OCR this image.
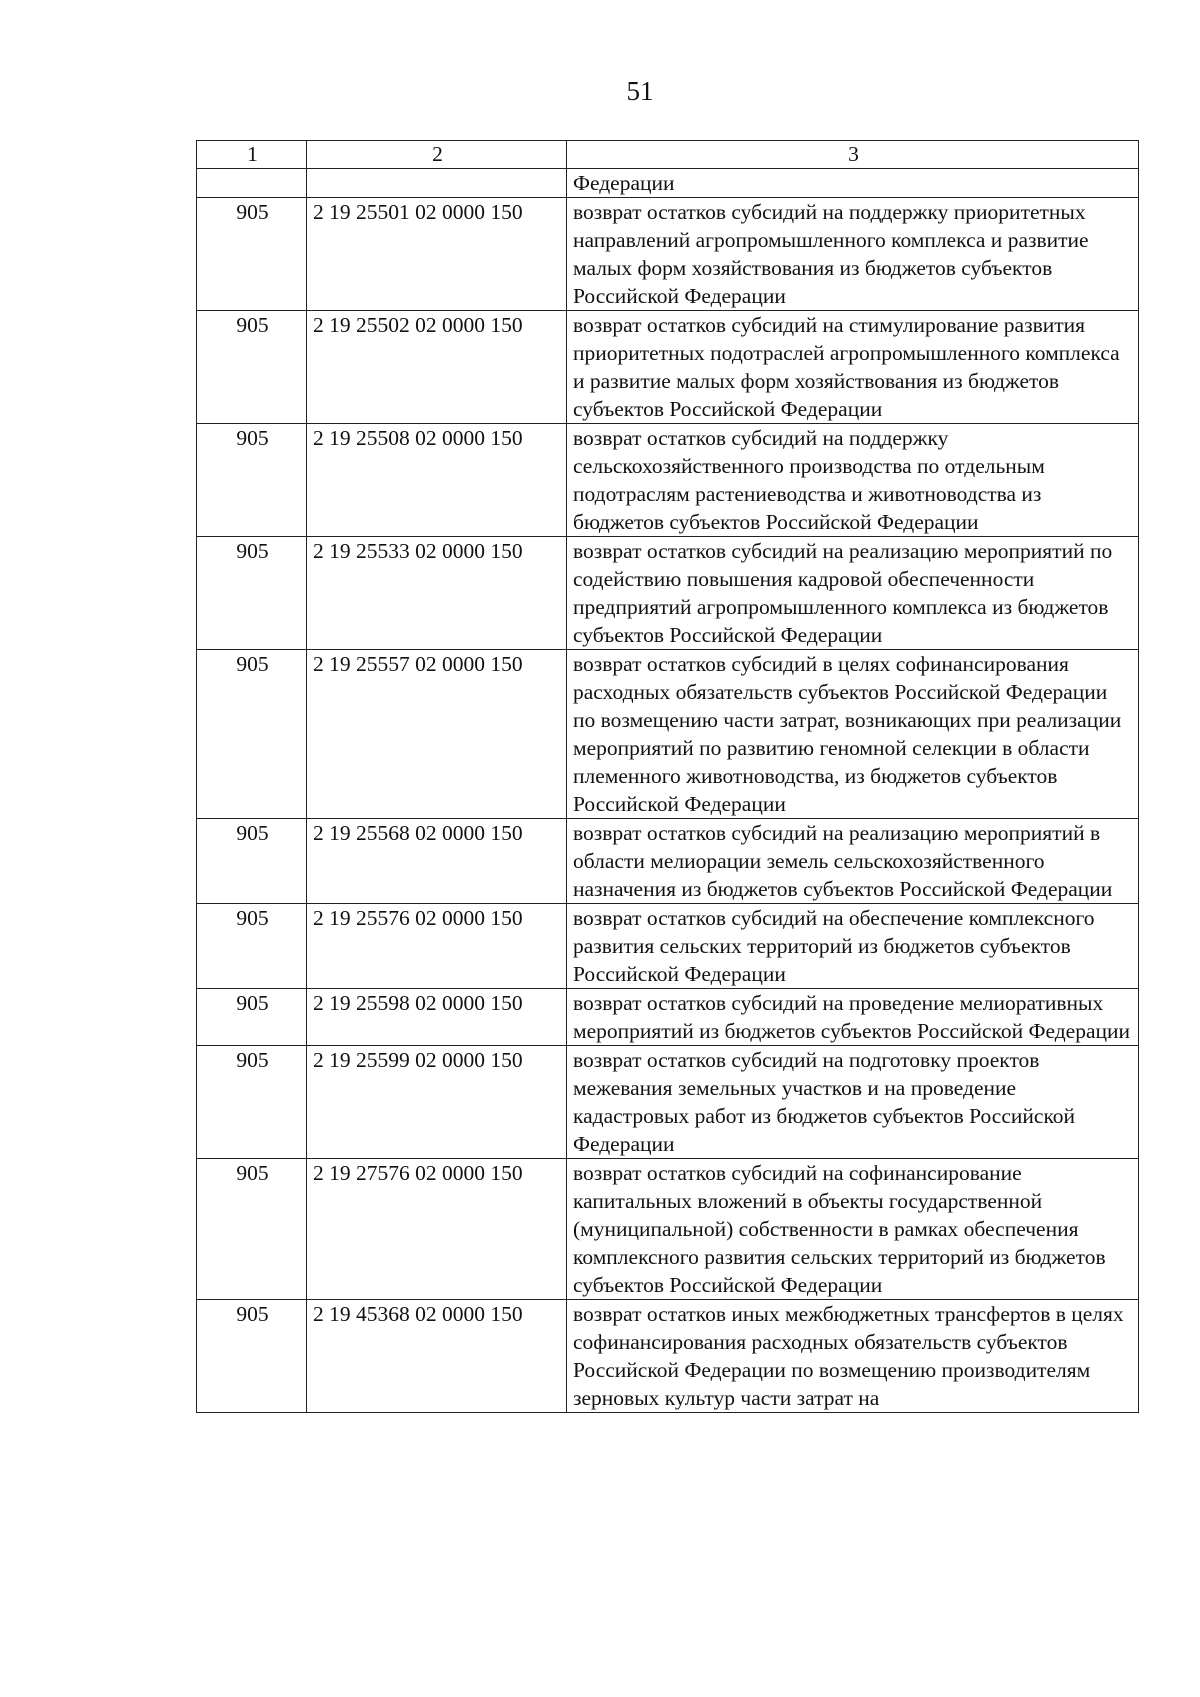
51
1	2	3
		Федерации
905	2 19 25501 02 0000 150	возврат остатков субсидий на поддержку приоритетных направлений агропромышленного комплекса и развитие малых форм хозяйствования из бюджетов субъектов Российской Федерации
905	2 19 25502 02 0000 150	возврат остатков субсидий на стимулирование развития приоритетных подотраслей агропромышленного комплекса и развитие малых форм хозяйствования из бюджетов субъектов Российской Федерации
905	2 19 25508 02 0000 150	возврат остатков субсидий на поддержку сельскохозяйственного производства по отдельным подотраслям растениеводства и животноводства из бюджетов субъектов Российской Федерации
905	2 19 25533 02 0000 150	возврат остатков субсидий на реализацию мероприятий по содействию повышения кадровой обеспеченности предприятий агропромышленного комплекса из бюджетов субъектов Российской Федерации
905	2 19 25557 02 0000 150	возврат остатков субсидий в целях софинансирования расходных обязательств субъектов Российской Федерации по возмещению части затрат, возникающих при реализации мероприятий по развитию геномной селекции в области племенного животноводства, из бюджетов субъектов Российской Федерации
905	2 19 25568 02 0000 150	возврат остатков субсидий на реализацию мероприятий в области мелиорации земель сельскохозяйственного назначения из бюджетов субъектов Российской Федерации
905	2 19 25576 02 0000 150	возврат остатков субсидий на обеспечение комплексного развития сельских территорий из бюджетов субъектов Российской Федерации
905	2 19 25598 02 0000 150	возврат остатков субсидий на проведение мелиоративных мероприятий из бюджетов субъектов Российской Федерации
905	2 19 25599 02 0000 150	возврат остатков субсидий на подготовку проектов межевания земельных участков и на проведение кадастровых работ из бюджетов субъектов Российской Федерации
905	2 19 27576 02 0000 150	возврат остатков субсидий на софинансирование капитальных вложений в объекты государственной (муниципальной) собственности в рамках обеспечения комплексного развития сельских территорий из бюджетов субъектов Российской Федерации
905	2 19 45368 02 0000 150	возврат остатков иных межбюджетных трансфертов в целях софинансирования расходных обязательств субъектов Российской Федерации по возмещению производителям зерновых культур части затрат на
